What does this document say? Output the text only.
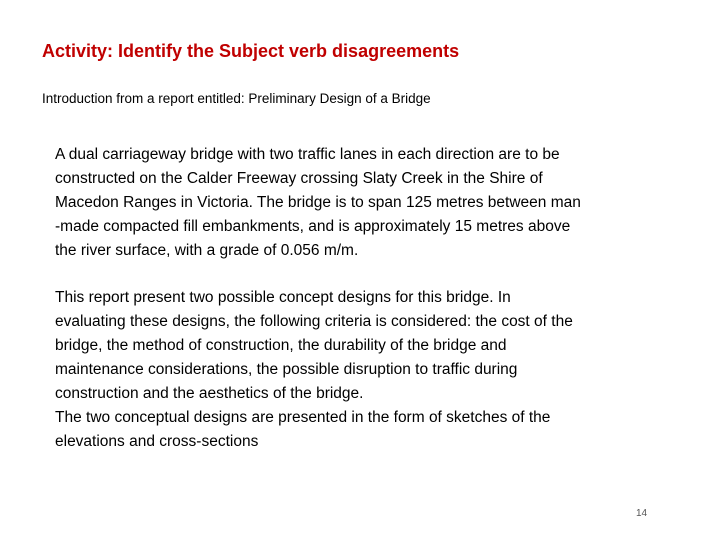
Activity: Identify the Subject verb disagreements

Introduction from a report entitled: Preliminary Design of a Bridge

A dual carriageway bridge with two traffic lanes in each direction are to be
constructed on the Calder Freeway crossing Slaty Creek in the Shire of
Macedon Ranges in Victoria. The bridge is to span 125 metres between man
-made compacted fill embankments, and is approximately 15 metres above
the river surface, with a grade of 0.056 m/m.

This report present two possible concept designs for this bridge. In
evaluating these designs, the following criteria is considered: the cost of the
bridge, the method of construction, the durability of the bridge and
maintenance considerations, the possible disruption to traffic during
construction and the aesthetics of the bridge.
The two conceptual designs are presented in the form of sketches of the
elevations and cross-sections

14
